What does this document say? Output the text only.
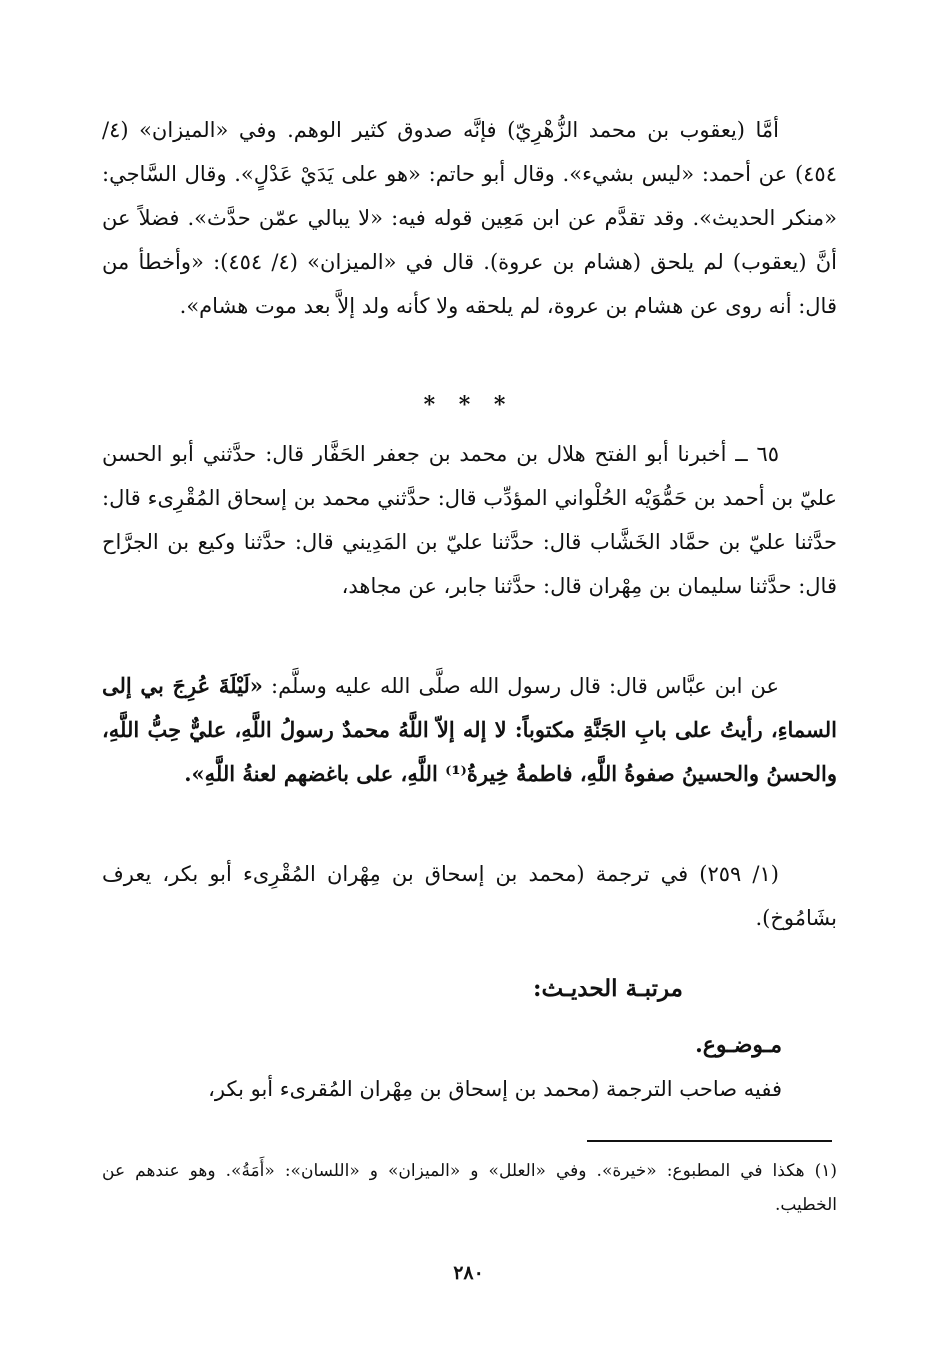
أمَّا (يعقوب بن محمد الزُّهْرِيّ) فإنَّه صدوق كثير الوهم. وفي «الميزان» (٤/ ٤٥٤) عن أحمد: «ليس بشيء». وقال أبو حاتم: «هو على يَدَيْ عَدْلٍ». وقال السَّاجي: «منكر الحديث». وقد تقدَّم عن ابن مَعِين قوله فيه: «لا يبالي عمّن حدَّث». فضلاً عن أنَّ (يعقوب) لم يلحق (هشام بن عروة). قال في «الميزان» (٤/ ٤٥٤): «وأخطأ من قال: أنه روى عن هشام بن عروة، لم يلحقه ولا كأنه ولد إلاَّ بعد موت هشام».

* * *

٦٥ ــ أخبرنا أبو الفتح هلال بن محمد بن جعفر الحَفَّار قال: حدَّثني أبو الحسن عليّ بن أحمد بن حَمُّوَيْه الحُلْواني المؤدِّب قال: حدَّثني محمد بن إسحاق المُقْرِىء قال: حدَّثنا عليّ بن حمَّاد الخَشَّاب قال: حدَّثنا عليّ بن المَدِيني قال: حدَّثنا وكيع بن الجرَّاح قال: حدَّثنا سليمان بن مِهْران قال: حدَّثنا جابر، عن مجاهد،

عن ابن عبَّاس قال: قال رسول الله صلَّى الله عليه وسلَّم: «لَيْلَةَ عُرِجَ بي إلى السماءِ، رأيتُ على بابِ الجَنَّةِ مكتوباً: لا إله إلاّ اللَّهُ محمدٌ رسولُ اللَّهِ، عليٌّ حِبُّ اللَّهِ، والحسنُ والحسينُ صفوةُ اللَّهِ، فاطمةُ خِيرةُ⁽¹⁾ اللَّهِ، على باغضهم لعنةُ اللَّهِ».

(١/ ٢٥٩) في ترجمة (محمد بن إسحاق بن مِهْران المُقْرِىء أبو بكر، يعرف بشَامُوخ).

مرتبـة الحديـث:
مـوضـوع.
ففيه صاحب الترجمة (محمد بن إسحاق بن مِهْران المُقرىء أبو بكر،
(١) هكذا في المطبوع: «خيرة». وفي «العلل» و «الميزان» و «اللسان»: «أَمَةُ». وهو عندهم عن الخطيب.
٢٨٠
